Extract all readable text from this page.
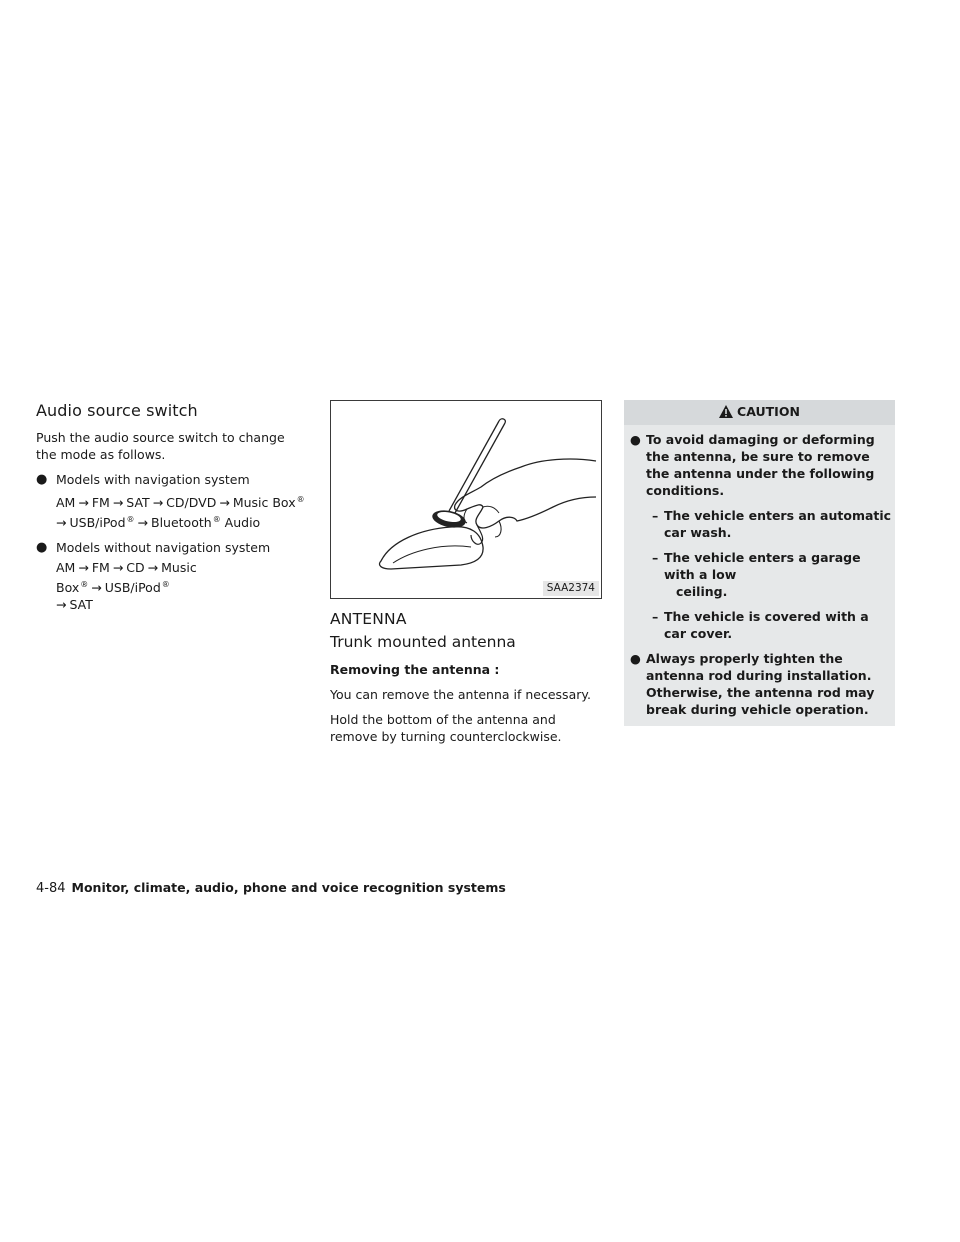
Audio source switch

Push the audio source switch to change the mode as follows.

● Models with navigation system
AM → FM → SAT → CD/DVD → Music Box®
→ USB/iPod® → Bluetooth® Audio
● Models without navigation system
AM → FM → CD → Music Box® → USB/iPod®
→ SAT
SAA2374
ANTENNA
Trunk mounted antenna

Removing the antenna :

You can remove the antenna if necessary.

Hold the bottom of the antenna and remove by turning counterclockwise.

CAUTION
● To avoid damaging or deforming the antenna, be sure to remove the antenna under the following conditions.
– The vehicle enters an automatic car wash.
– The vehicle enters a garage with a low
ceiling.
– The vehicle is covered with a car cover.
● Always properly tighten the antenna rod during installation. Otherwise, the antenna rod may break during vehicle operation.
4-84 Monitor, climate, audio, phone and voice recognition systems
